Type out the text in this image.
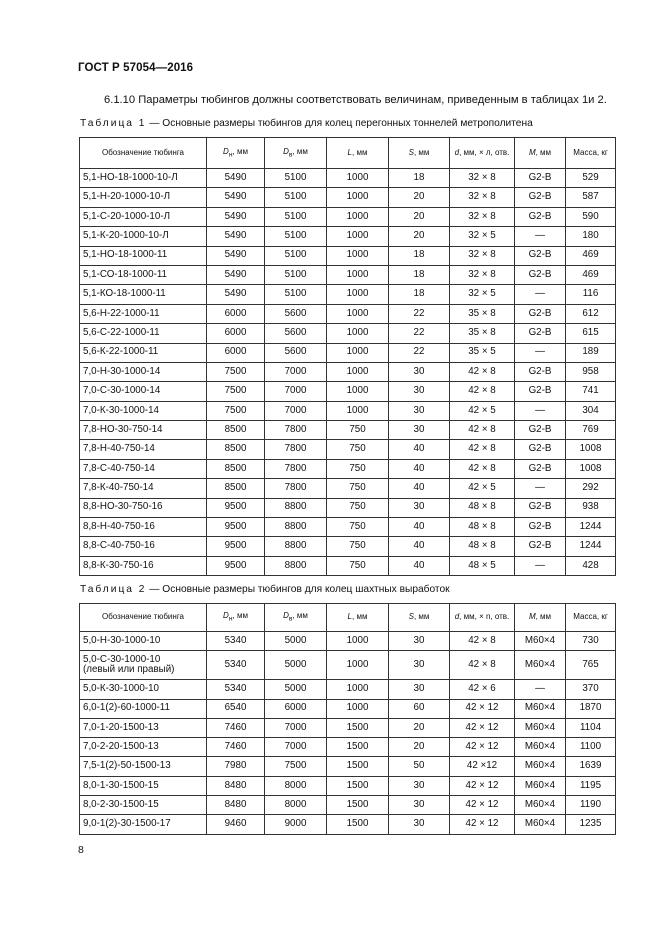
ГОСТ Р 57054—2016
6.1.10 Параметры тюбингов должны соответствовать величинам, приведенным в таблицах 1и 2.
Таблица 1 — Основные размеры тюбингов для колец перегонных тоннелей метрополитена
Обозначение тюбинга	$D_н$, мм	$D_в$, мм	L, мм	S, мм	d, мм, × л, отв.	M, мм	Масса, кг
5,1-НО-18-1000-10-Л	5490	5100	1000	18	32 × 8	G2-В	529
5,1-Н-20-1000-10-Л	5490	5100	1000	20	32 × 8	G2-В	587
5,1-С-20-1000-10-Л	5490	5100	1000	20	32 × 8	G2-В	590
5,1-К-20-1000-10-Л	5490	5100	1000	20	32 × 5	—	180
5,1-НО-18-1000-11	5490	5100	1000	18	32 × 8	G2-В	469
5,1-СО-18-1000-11	5490	5100	1000	18	32 × 8	G2-В	469
5,1-КО-18-1000-11	5490	5100	1000	18	32 × 5	—	116
5,6-Н-22-1000-11	6000	5600	1000	22	35 × 8	G2-В	612
5,6-С-22-1000-11	6000	5600	1000	22	35 × 8	G2-В	615
5,6-К-22-1000-11	6000	5600	1000	22	35 × 5	—	189
7,0-Н-30-1000-14	7500	7000	1000	30	42 × 8	G2-В	958
7,0-С-30-1000-14	7500	7000	1000	30	42 × 8	G2-В	741
7,0-К-30-1000-14	7500	7000	1000	30	42 × 5	—	304
7,8-НО-30-750-14	8500	7800	750	30	42 × 8	G2-В	769
7,8-Н-40-750-14	8500	7800	750	40	42 × 8	G2-В	1008
7,8-С-40-750-14	8500	7800	750	40	42 × 8	G2-В	1008
7,8-К-40-750-14	8500	7800	750	40	42 × 5	—	292
8,8-НО-30-750-16	9500	8800	750	30	48 × 8	G2-В	938
8,8-Н-40-750-16	9500	8800	750	40	48 × 8	G2-В	1244
8,8-С-40-750-16	9500	8800	750	40	48 × 8	G2-В	1244
8,8-К-30-750-16	9500	8800	750	40	48 × 5	—	428
Таблица 2 — Основные размеры тюбингов для колец шахтных выработок
Обозначение тюбинга	$D_н$, мм	$D_в$, мм	L, мм	S, мм	d, мм, × n, отв.	M, мм	Масса, кг
5,0-Н-30-1000-10	5340	5000	1000	30	42 × 8	М60×4	730
5,0-С-30-1000-10
(левый или правый)	5340	5000	1000	30	42 × 8	М60×4	765
5,0-К-30-1000-10	5340	5000	1000	30	42 × 6	—	370
6,0-1(2)-60-1000-11	6540	6000	1000	60	42 × 12	М60×4	1870
7,0-1-20-1500-13	7460	7000	1500	20	42 × 12	М60×4	1104
7,0-2-20-1500-13	7460	7000	1500	20	42 × 12	М60×4	1100
7,5-1(2)-50-1500-13	7980	7500	1500	50	42 ×12	М60×4	1639
8,0-1-30-1500-15	8480	8000	1500	30	42 × 12	М60×4	1195
8,0-2-30-1500-15	8480	8000	1500	30	42 × 12	М60×4	1190
9,0-1(2)-30-1500-17	9460	9000	1500	30	42 × 12	М60×4	1235
8
